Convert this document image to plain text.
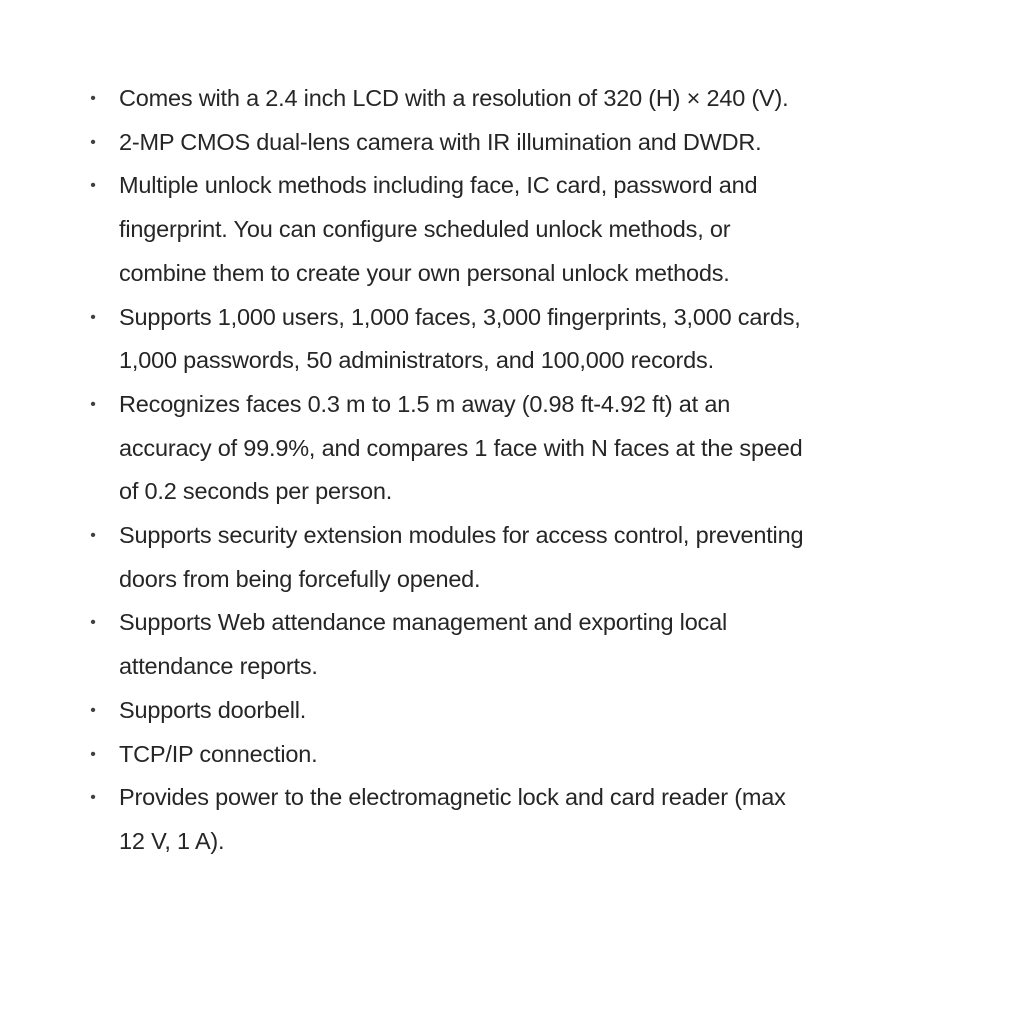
• Comes with a 2.4 inch LCD with a resolution of 320 (H) × 240 (V).
• 2-MP CMOS dual-lens camera with IR illumination and DWDR.
• Multiple unlock methods including face, IC card, password and
fingerprint. You can configure scheduled unlock methods, or
combine them to create your own personal unlock methods.
• Supports 1,000 users, 1,000 faces, 3,000 fingerprints, 3,000 cards,
1,000 passwords, 50 administrators, and 100,000 records.
• Recognizes faces 0.3 m to 1.5 m away (0.98 ft-4.92 ft) at an
accuracy of 99.9%, and compares 1 face with N faces at the speed
of 0.2 seconds per person.
• Supports security extension modules for access control, preventing
doors from being forcefully opened.
• Supports Web attendance management and exporting local
attendance reports.
• Supports doorbell.
• TCP/IP connection.
• Provides power to the electromagnetic lock and card reader (max
12 V, 1 A).
